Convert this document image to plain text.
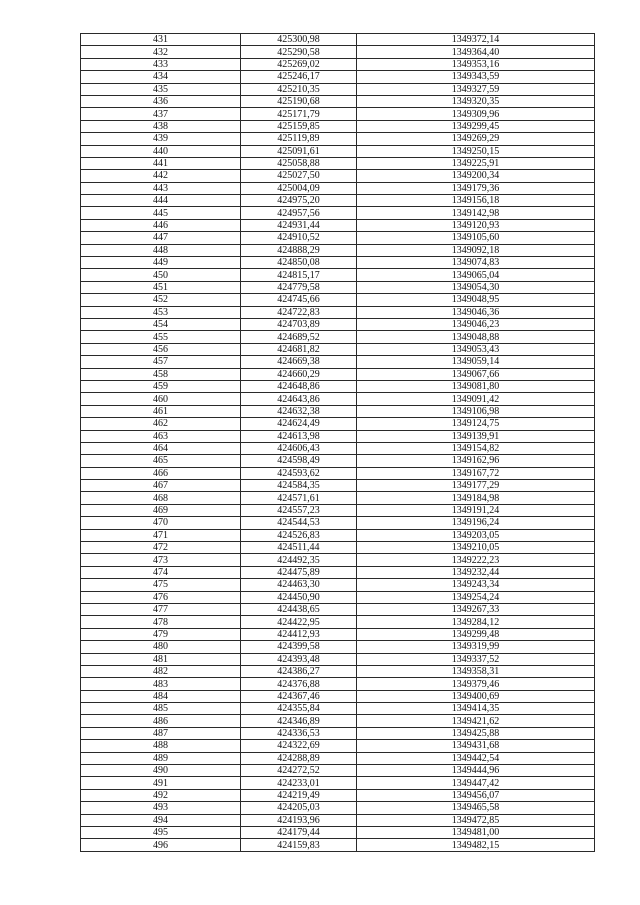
431	425300,98	1349372,14
432	425290,58	1349364,40
433	425269,02	1349353,16
434	425246,17	1349343,59
435	425210,35	1349327,59
436	425190,68	1349320,35
437	425171,79	1349309,96
438	425159,85	1349299,45
439	425119,89	1349269,29
440	425091,61	1349250,15
441	425058,88	1349225,91
442	425027,50	1349200,34
443	425004,09	1349179,36
444	424975,20	1349156,18
445	424957,56	1349142,98
446	424931,44	1349120,93
447	424910,52	1349105,60
448	424888,29	1349092,18
449	424850,08	1349074,83
450	424815,17	1349065,04
451	424779,58	1349054,30
452	424745,66	1349048,95
453	424722,83	1349046,36
454	424703,89	1349046,23
455	424689,52	1349048,88
456	424681,82	1349053,43
457	424669,38	1349059,14
458	424660,29	1349067,66
459	424648,86	1349081,80
460	424643,86	1349091,42
461	424632,38	1349106,98
462	424624,49	1349124,75
463	424613,98	1349139,91
464	424606,43	1349154,82
465	424598,49	1349162,96
466	424593,62	1349167,72
467	424584,35	1349177,29
468	424571,61	1349184,98
469	424557,23	1349191,24
470	424544,53	1349196,24
471	424526,83	1349203,05
472	424511,44	1349210,05
473	424492,35	1349222,23
474	424475,89	1349232,44
475	424463,30	1349243,34
476	424450,90	1349254,24
477	424438,65	1349267,33
478	424422,95	1349284,12
479	424412,93	1349299,48
480	424399,58	1349319,99
481	424393,48	1349337,52
482	424386,27	1349358,31
483	424376,88	1349379,46
484	424367,46	1349400,69
485	424355,84	1349414,35
486	424346,89	1349421,62
487	424336,53	1349425,88
488	424322,69	1349431,68
489	424288,89	1349442,54
490	424272,52	1349444,96
491	424233,01	1349447,42
492	424219,49	1349456,07
493	424205,03	1349465,58
494	424193,96	1349472,85
495	424179,44	1349481,00
496	424159,83	1349482,15
